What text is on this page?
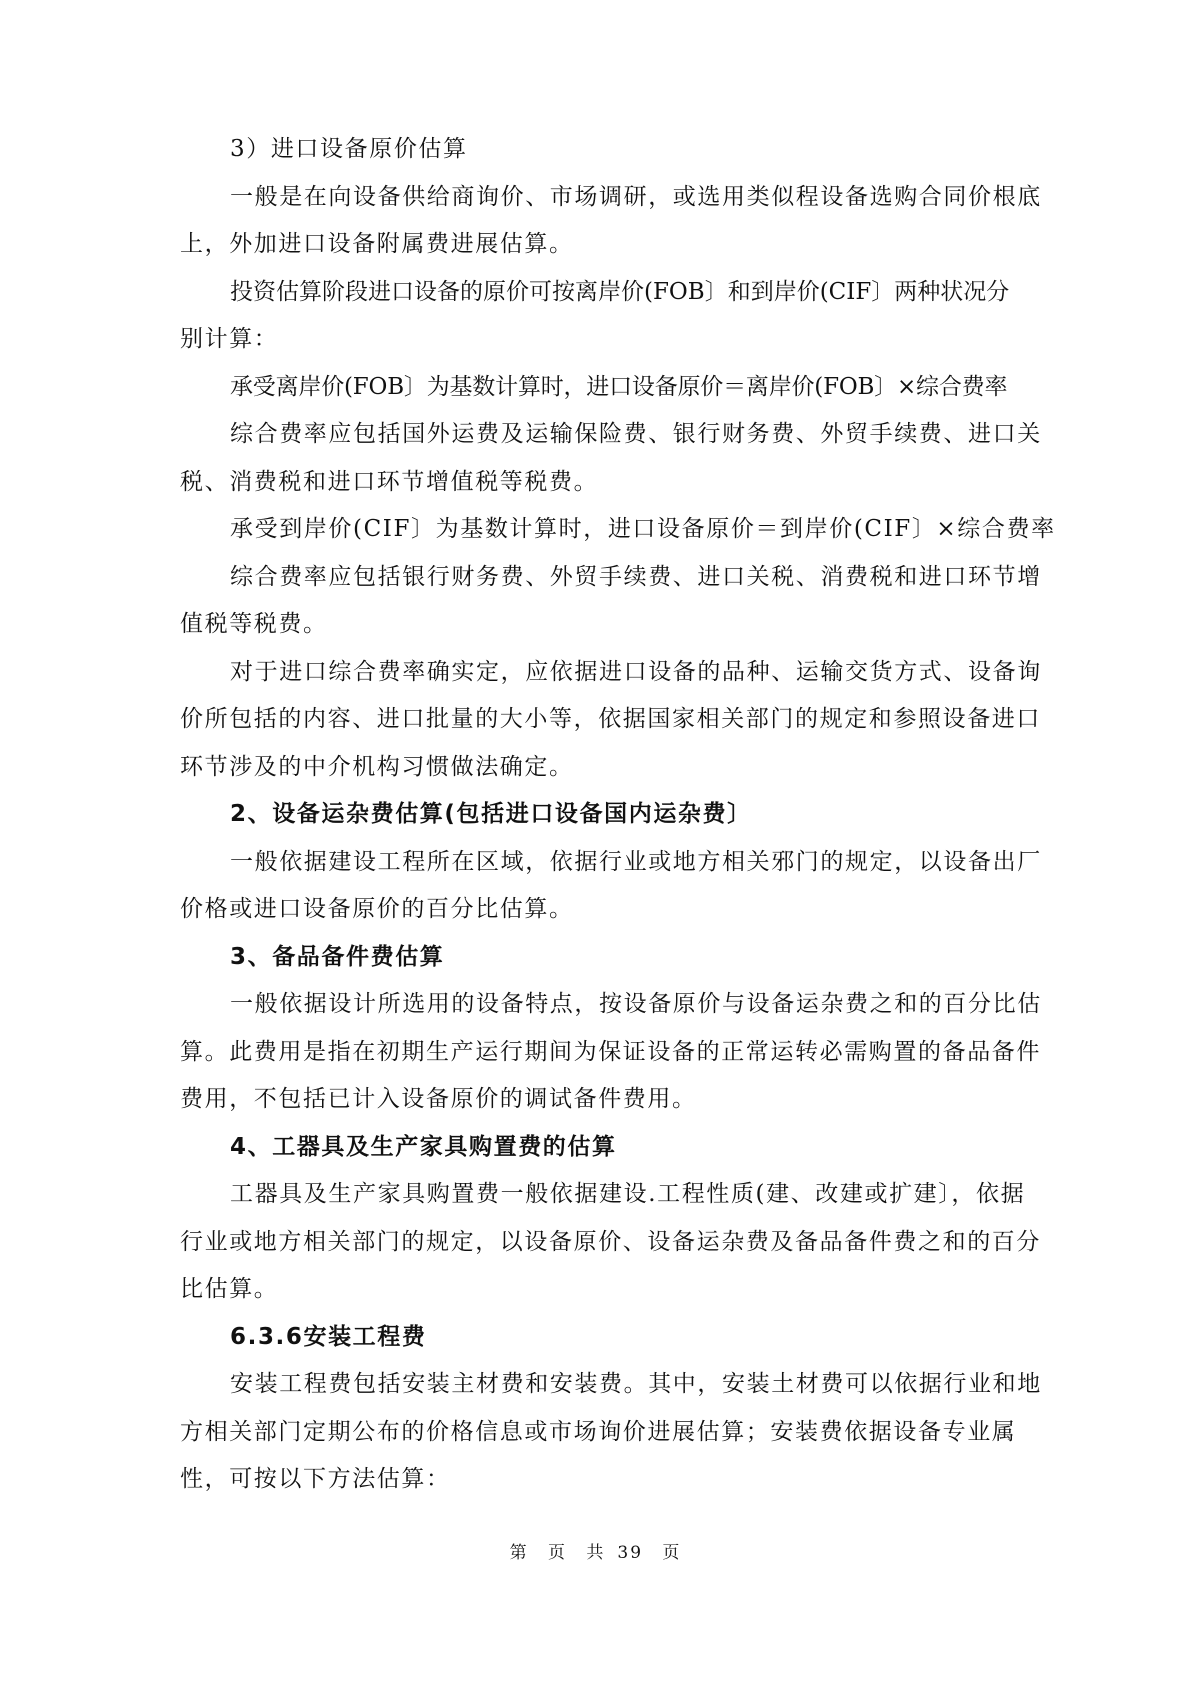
3）进口设备原价估算
一般是在向设备供给商询价、市场调研，或选用类似程设备选购合同价根底
上，外加进口设备附属费进展估算。
投资估算阶段进口设备的原价可按离岸价(FOB〕和到岸价(CIF〕两种状况分
别计算：
承受离岸价(FOB〕为基数计算时，进口设备原价＝离岸价(FOB〕×综合费率
综合费率应包括国外运费及运输保险费、银行财务费、外贸手续费、进口关
税、消费税和进口环节增值税等税费。
承受到岸价(CIF〕为基数计算时，进口设备原价＝到岸价(CIF〕×综合费率
综合费率应包括银行财务费、外贸手续费、进口关税、消费税和进口环节增
值税等税费。
对于进口综合费率确实定，应依据进口设备的品种、运输交货方式、设备询
价所包括的内容、进口批量的大小等，依据国家相关部门的规定和参照设备进口
环节涉及的中介机构习惯做法确定。
2、设备运杂费估算(包括进口设备国内运杂费〕
一般依据建设工程所在区域，依据行业或地方相关邪门的规定，以设备出厂
价格或进口设备原价的百分比估算。
3、备品备件费估算
一般依据设计所选用的设备特点，按设备原价与设备运杂费之和的百分比估
算。此费用是指在初期生产运行期间为保证设备的正常运转必需购置的备品备件
费用，不包括已计入设备原价的调试备件费用。
4、工器具及生产家具购置费的估算
工器具及生产家具购置费一般依据建设.工程性质(建、改建或扩建〕，依据
行业或地方相关部门的规定，以设备原价、设备运杂费及备品备件费之和的百分
比估算。
6.3.6安装工程费
安装工程费包括安装主材费和安装费。其中，安装土材费可以依据行业和地
方相关部门定期公布的价格信息或市场询价进展估算；安装费依据设备专业属
性，可按以下方法估算：
第 页 共 39 页
